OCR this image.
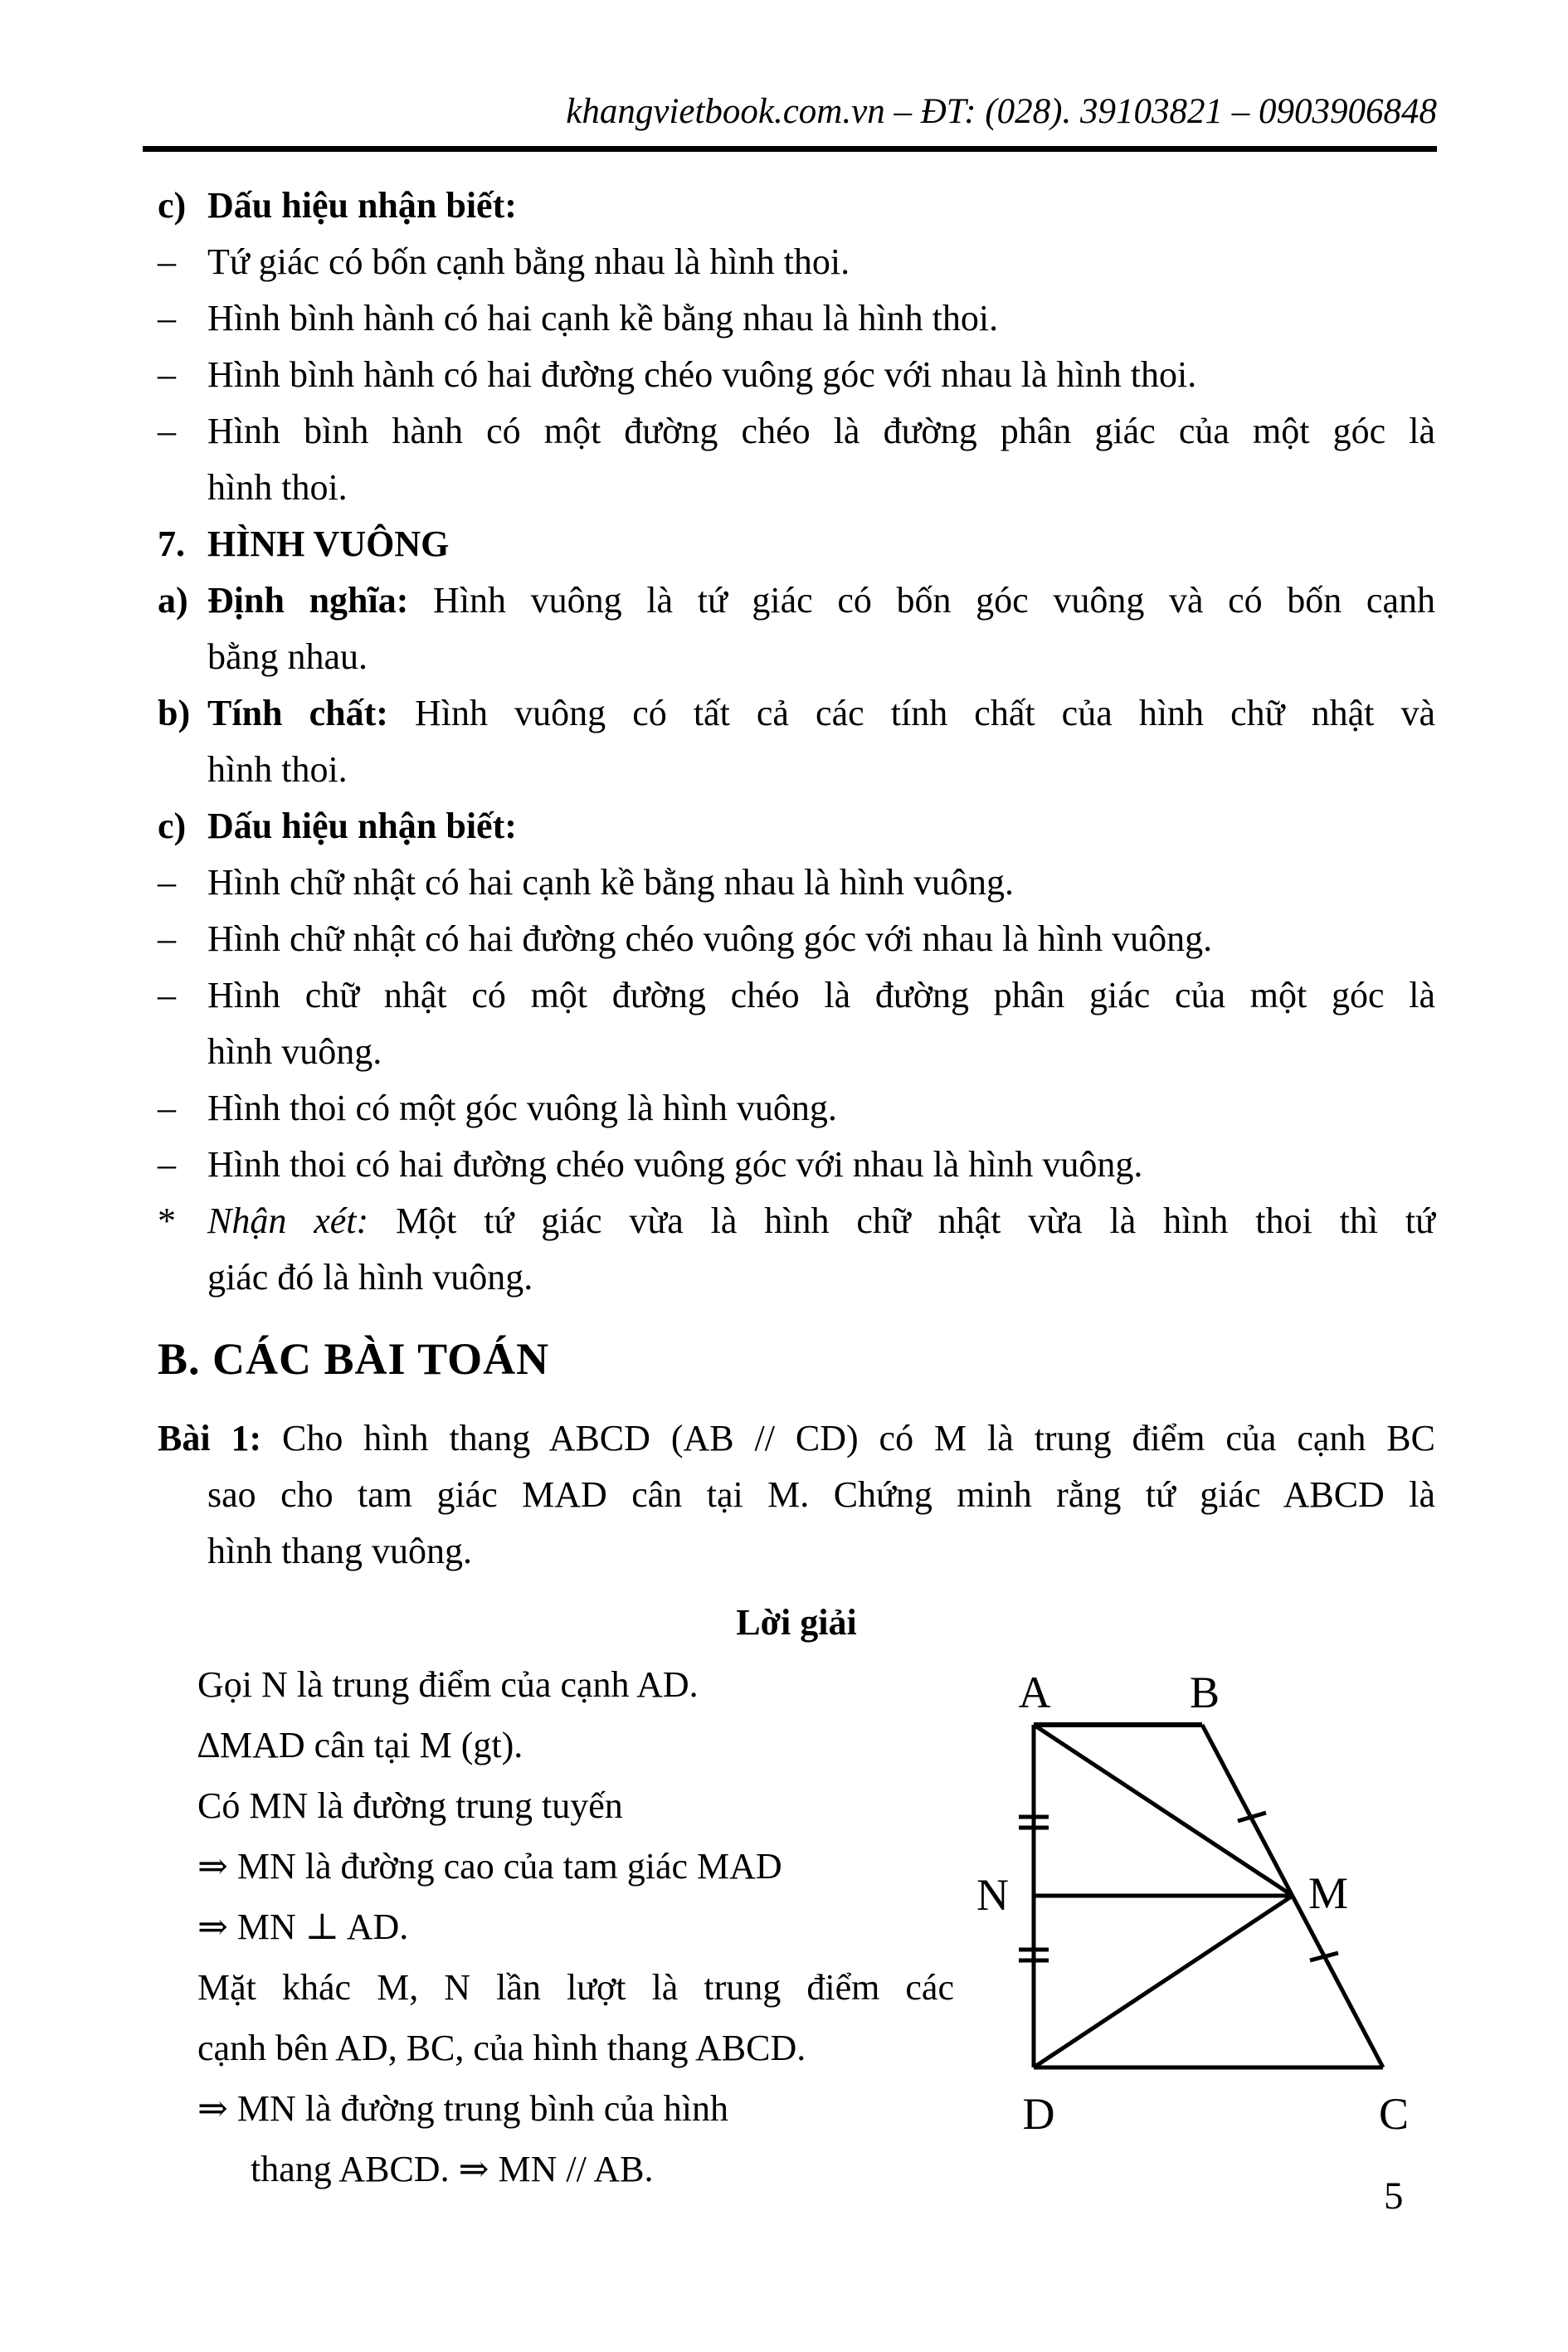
khangvietbook.com.vn – ĐT: (028). 39103821 – 0903906848
c) Dấu hiệu nhận biết:
– Tứ giác có bốn cạnh bằng nhau là hình thoi.
– Hình bình hành có hai cạnh kề bằng nhau là hình thoi.
– Hình bình hành có hai đường chéo vuông góc với nhau là hình thoi.
– Hình bình hành có một đường chéo là đường phân giác của một góc là
hình thoi.
7. HÌNH VUÔNG
a) Định nghĩa: Hình vuông là tứ giác có bốn góc vuông và có bốn cạnh
bằng nhau.
b) Tính chất: Hình vuông có tất cả các tính chất của hình chữ nhật và
hình thoi.
c) Dấu hiệu nhận biết:
– Hình chữ nhật có hai cạnh kề bằng nhau là hình vuông.
– Hình chữ nhật có hai đường chéo vuông góc với nhau là hình vuông.
– Hình chữ nhật có một đường chéo là đường phân giác của một góc là
hình vuông.
– Hình thoi có một góc vuông là hình vuông.
– Hình thoi có hai đường chéo vuông góc với nhau là hình vuông.
* Nhận xét: Một tứ giác vừa là hình chữ nhật vừa là hình thoi thì tứ
giác đó là hình vuông.
B. CÁC BÀI TOÁN
Bài 1: Cho hình thang ABCD (AB // CD) có M là trung điểm của cạnh BC
sao cho tam giác MAD cân tại M. Chứng minh rằng tứ giác ABCD là
hình thang vuông.
Lời giải
Gọi N là trung điểm của cạnh AD.
∆MAD cân tại M (gt).
Có MN là đường trung tuyến
⇒ MN là đường cao của tam giác MAD
⇒ MN ⊥ AD.
Mặt khác M, N lần lượt là trung điểm các
cạnh bên AD, BC, của hình thang ABCD.
⇒ MN là đường trung bình của hình
thang ABCD. ⇒ MN // AB.
A	B
N	M
D	C
5
